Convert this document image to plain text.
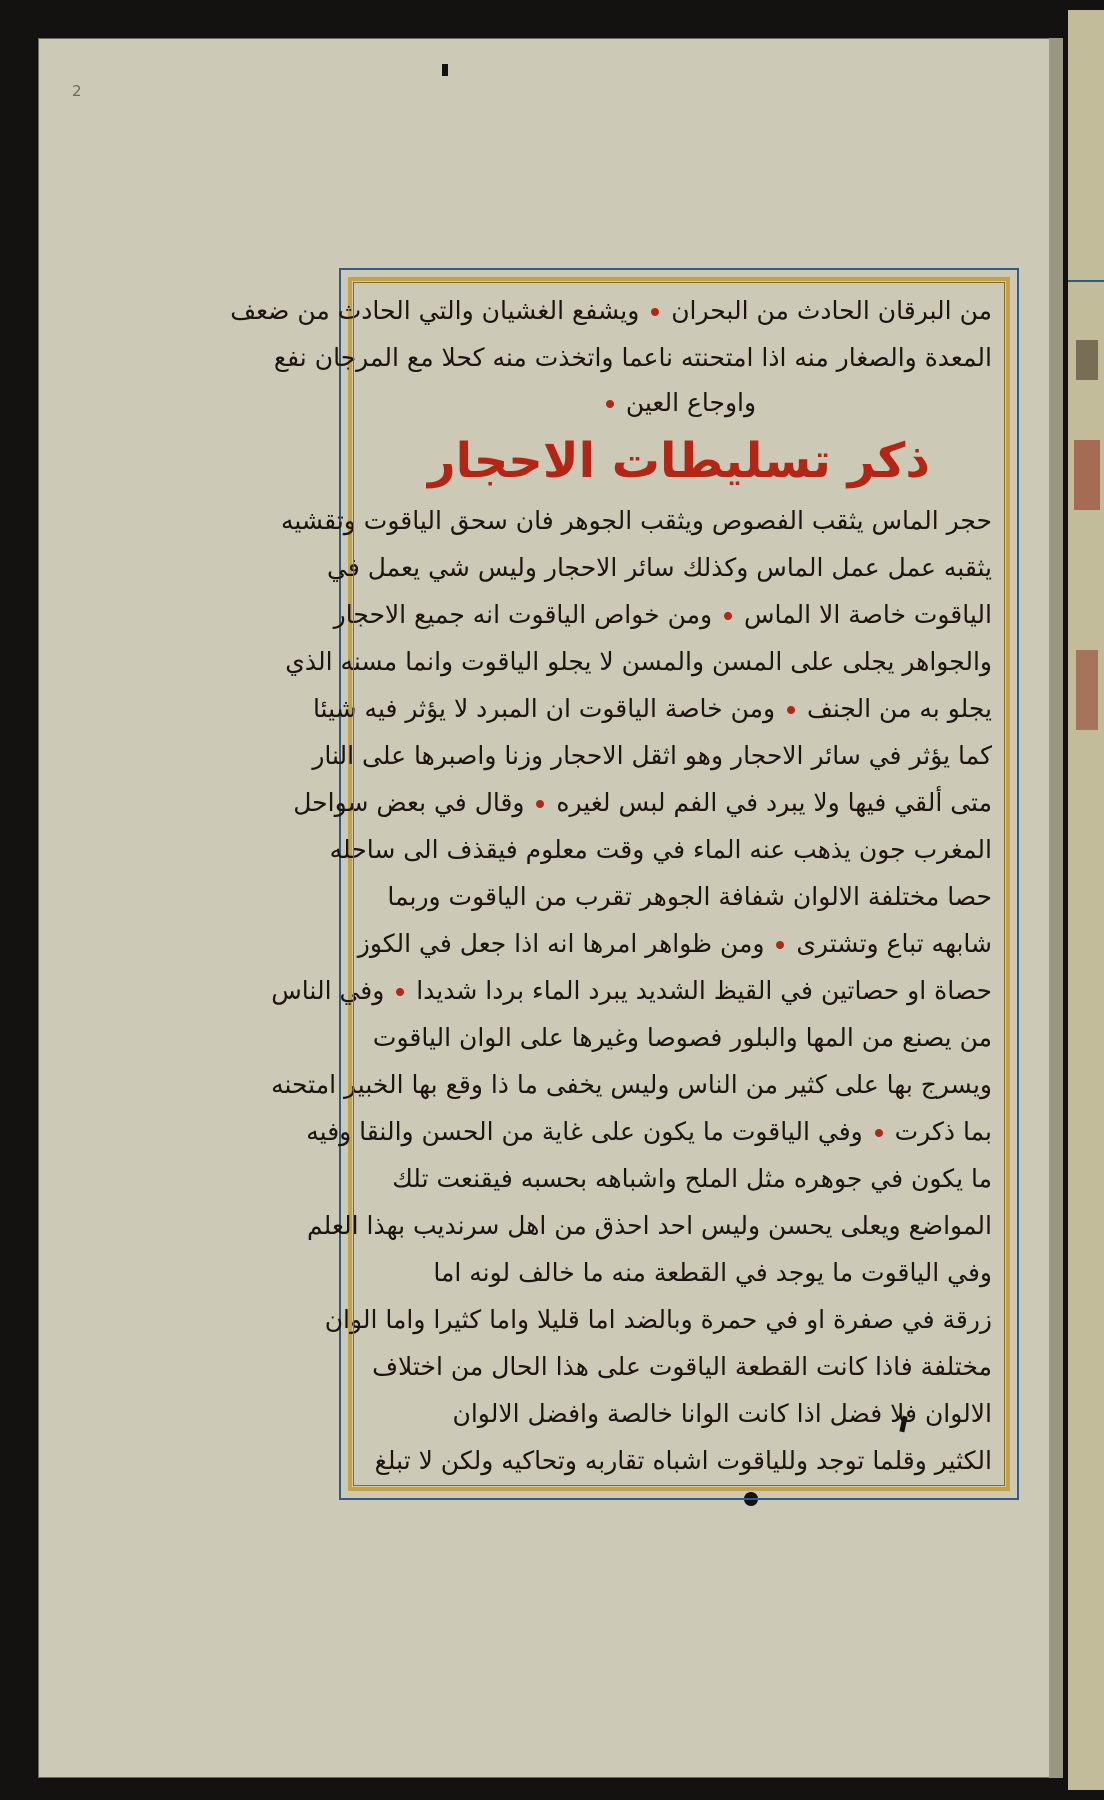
2
من البرقان الحادث من البحران  ويشفع الغشيان والتي الحادث من ضعف
المعدة والصغار منه اذا امتحنته ناعما واتخذت منه كحلا مع المرجان نفع
واوجاع العين
ذكر تسليطات الاحجار
حجر الماس يثقب الفصوص ويثقب الجوهر فان سحق الياقوت وتقشيه
يثقبه عمل عمل الماس وكذلك سائر الاحجار وليس شي يعمل في
الياقوت خاصة الا الماس  ومن خواص الياقوت انه جميع الاحجار
والجواهر يجلى على المسن والمسن لا يجلو الياقوت وانما مسنه الذي
يجلو به من الجنف  ومن خاصة الياقوت ان المبرد لا يؤثر فيه شيئا
كما يؤثر في سائر الاحجار وهو اثقل الاحجار وزنا واصبرها على النار
متى ألقي فيها ولا يبرد في الفم لبس لغيره  وقال في بعض سواحل
المغرب جون يذهب عنه الماء في وقت معلوم فيقذف الى ساحله
حصا مختلفة الالوان شفافة الجوهر تقرب من الياقوت وربما
شابهه تباع وتشترى  ومن ظواهر امرها انه اذا جعل في الكوز
حصاة او حصاتين في القيظ الشديد يبرد الماء بردا شديدا  وفي الناس
من يصنع من المها والبلور فصوصا وغيرها على الوان الياقوت
ويسرج بها على كثير من الناس وليس يخفى ما ذا وقع بها الخبير امتحنه
بما ذكرت  وفي الياقوت ما يكون على غاية من الحسن والنقا وفيه
ما يكون في جوهره مثل الملح واشباهه بحسبه فيقنعت تلك
المواضع ويعلى يحسن وليس احد احذق من اهل سرنديب بهذا العلم
وفي الياقوت ما يوجد في القطعة منه ما خالف لونه اما
زرقة في صفرة او في حمرة وبالضد اما قليلا واما كثيرا واما الوان
مختلفة فاذا كانت القطعة الياقوت على هذا الحال من اختلاف
الالوان فلا فضل اذا كانت الوانا خالصة وافضل الالوان
الكثير وقلما توجد وللياقوت اشباه تقاربه وتحاكيه ولكن لا تبلغ
